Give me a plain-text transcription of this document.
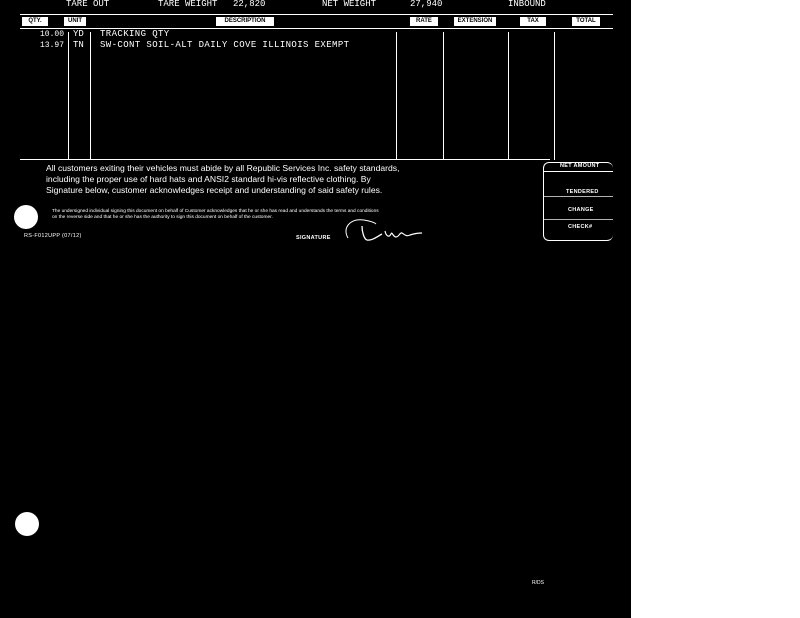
TARE OUT	TARE WEIGHT 22,820	NET WEIGHT	27,940	INBOUND
QTY.	UNIT	DESCRIPTION	RATE	EXTENSION	TAX	TOTAL
10.00 YD TRACKING QTY
13.97 TN SW-CONT SOIL-ALT DAILY COVE ILLINOIS EXEMPT
All customers exiting their vehicles must abide by all Republic Services Inc. safety standards,
including the proper use of hard hats and ANSI2 standard hi-vis reflective clothing. By
Signature below, customer acknowledges receipt and understanding of said safety rules.
The undersigned individual signing this document on behalf of Customer acknowledges that he or she has read and understands the terms and conditions
on the reverse side and that he or she has the authority to sign this document on behalf of the customer.
NET AMOUNT
TENDERED
CHANGE
CHECK#
RS-F012UPP (07/12)	SIGNATURE
R/DS
